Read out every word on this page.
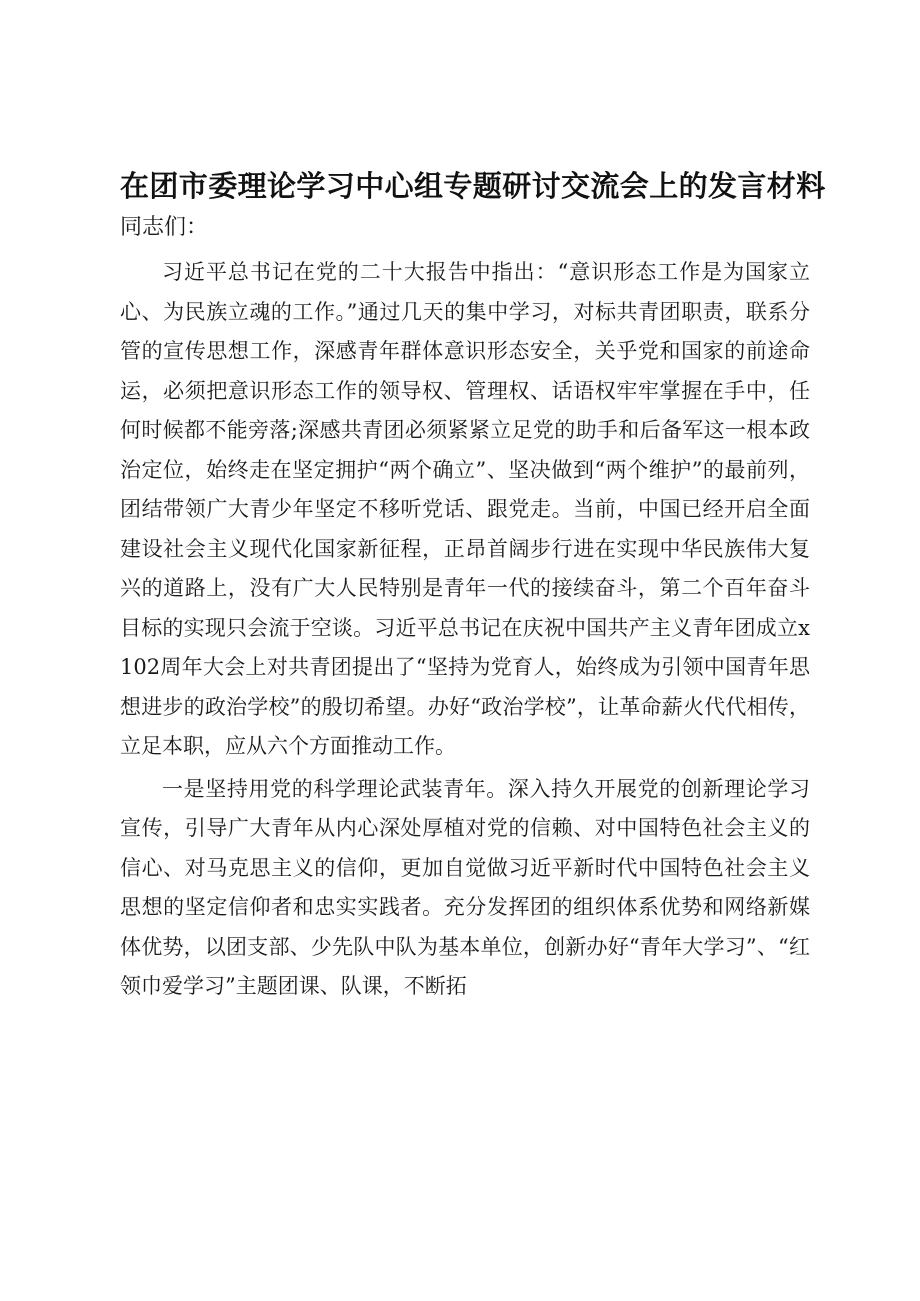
在团市委理论学习中心组专题研讨交流会上的发言材料

同志们：

习近平总书记在党的二十大报告中指出：“意识形态工作是为国家立心、为民族立魂的工作。”通过几天的集中学习，对标共青团职责，联系分管的宣传思想工作，深感青年群体意识形态安全，关乎党和国家的前途命运，必须把意识形态工作的领导权、管理权、话语权牢牢掌握在手中，任何时候都不能旁落;深感共青团必须紧紧立足党的助手和后备军这一根本政治定位，始终走在坚定拥护“两个确立”、坚决做到“两个维护”的最前列，团结带领广大青少年坚定不移听党话、跟党走。当前，中国已经开启全面建设社会主义现代化国家新征程，正昂首阔步行进在实现中华民族伟大复兴的道路上，没有广大人民特别是青年一代的接续奋斗，第二个百年奋斗目标的实现只会流于空谈。习近平总书记在庆祝中国共产主义青年团成立x102周年大会上对共青团提出了“坚持为党育人，始终成为引领中国青年思想进步的政治学校”的殷切希望。办好“政治学校”，让革命薪火代代相传，立足本职，应从六个方面推动工作。

一是坚持用党的科学理论武装青年。深入持久开展党的创新理论学习宣传，引导广大青年从内心深处厚植对党的信赖、对中国特色社会主义的信心、对马克思主义的信仰，更加自觉做习近平新时代中国特色社会主义思想的坚定信仰者和忠实实践者。充分发挥团的组织体系优势和网络新媒体优势，以团支部、少先队中队为基本单位，创新办好“青年大学习”、“红领巾爱学习”主题团课、队课，不断拓
